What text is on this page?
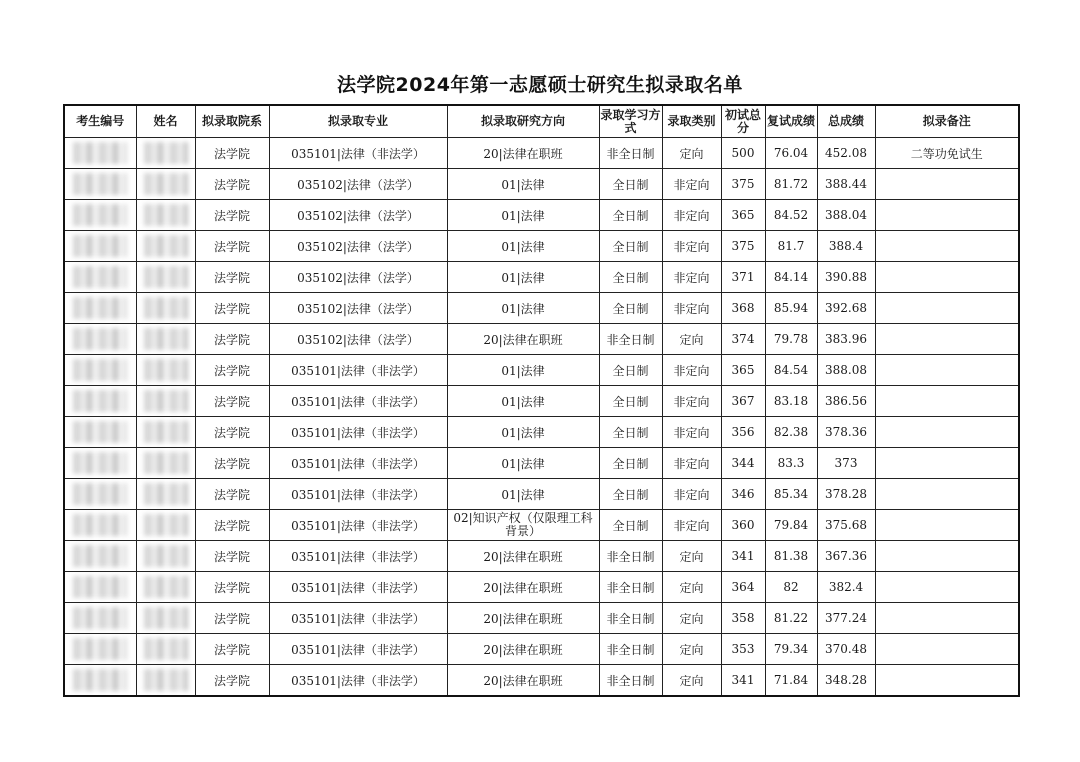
法学院2024年第一志愿硕士研究生拟录取名单
考生编号	姓名	拟录取院系	拟录取专业	拟录取研究方向	录取学习方式	录取类别	初试总分	复试成绩	总成绩	拟录备注

	法学院	035101|法律（非法学）	20|法律在职班	非全日制	定向	500	76.04	452.08	二等功免试生

	法学院	035102|法律（法学）	01|法律	全日制	非定向	375	81.72	388.44	

	法学院	035102|法律（法学）	01|法律	全日制	非定向	365	84.52	388.04	

	法学院	035102|法律（法学）	01|法律	全日制	非定向	375	81.7	388.4	

	法学院	035102|法律（法学）	01|法律	全日制	非定向	371	84.14	390.88	

	法学院	035102|法律（法学）	01|法律	全日制	非定向	368	85.94	392.68	

	法学院	035102|法律（法学）	20|法律在职班	非全日制	定向	374	79.78	383.96	

	法学院	035101|法律（非法学）	01|法律	全日制	非定向	365	84.54	388.08	

	法学院	035101|法律（非法学）	01|法律	全日制	非定向	367	83.18	386.56	

	法学院	035101|法律（非法学）	01|法律	全日制	非定向	356	82.38	378.36	

	法学院	035101|法律（非法学）	01|法律	全日制	非定向	344	83.3	373	

	法学院	035101|法律（非法学）	01|法律	全日制	非定向	346	85.34	378.28	

	法学院	035101|法律（非法学）	02|知识产权（仅限理工科背景）	全日制	非定向	360	79.84	375.68	

	法学院	035101|法律（非法学）	20|法律在职班	非全日制	定向	341	81.38	367.36	

	法学院	035101|法律（非法学）	20|法律在职班	非全日制	定向	364	82	382.4	

	法学院	035101|法律（非法学）	20|法律在职班	非全日制	定向	358	81.22	377.24	

	法学院	035101|法律（非法学）	20|法律在职班	非全日制	定向	353	79.34	370.48	

	法学院	035101|法律（非法学）	20|法律在职班	非全日制	定向	341	71.84	348.28	
